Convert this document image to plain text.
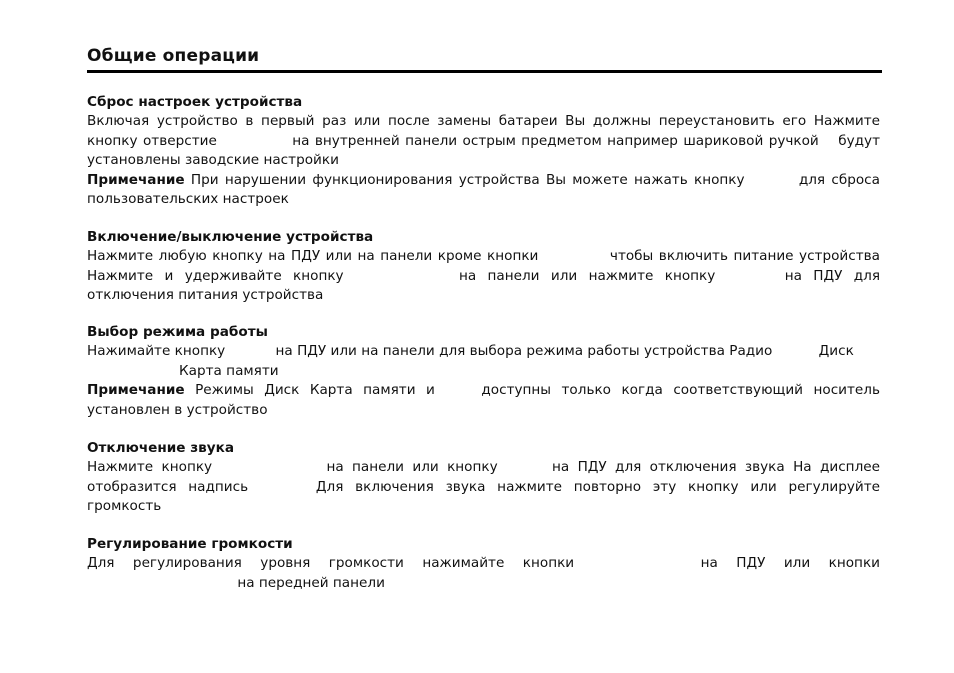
Общие операции
Сброс настроек устройства

Включая устройство в первый раз или после замены батареи Вы должны переустановить его Нажмите кнопку отверстие	на внутренней панели острым предметом например шариковой ручкой будут установлены заводские настройки

Примечание При нарушении функционирования устройства Вы можете нажать кнопку	для сброса пользовательских настроек

Включение/выключение устройства

Нажмите любую кнопку на ПДУ или на панели кроме кнопки	чтобы включить питание устройства Нажмите и удерживайте кнопку	на панели или нажмите кнопку	на ПДУ для отключения питания устройства

Выбор режима работы

Нажимайте кнопку	на ПДУ или на панели для выбора режима работы устройства Радио	Диск
Карта памяти

Примечание Режимы Диск Карта памяти и	доступны только когда соответствующий носитель установлен в устройство

Отключение звука

Нажмите кнопку	на панели или кнопку	на ПДУ для отключения звука На дисплее отобразится надпись	Для включения звука нажмите повторно эту кнопку или регулируйте громкость

Регулирование громкости

Для регулирования уровня громкости нажимайте кнопки	на ПДУ или кнопки на передней панели
